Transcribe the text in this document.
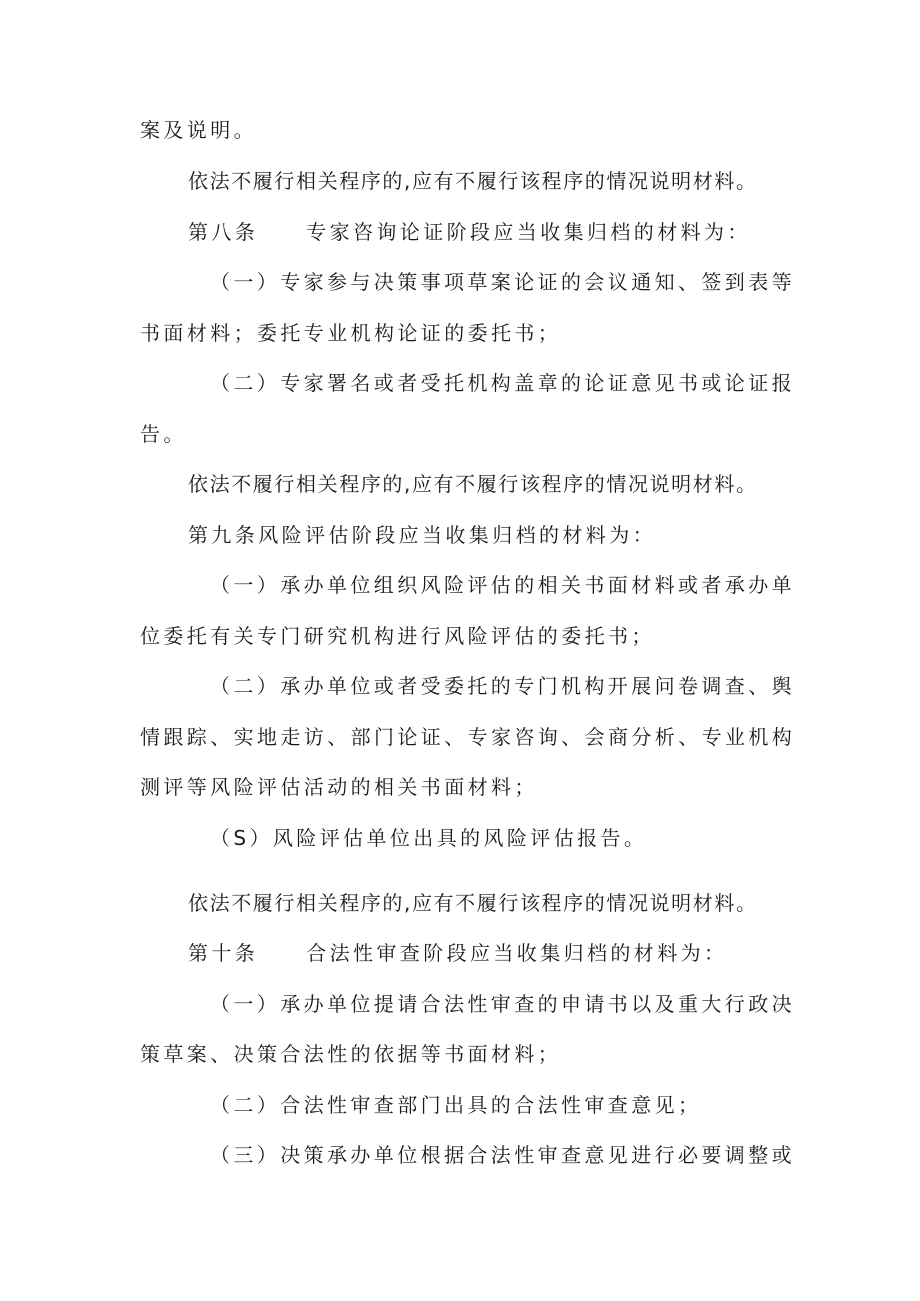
案及说明。
依法不履行相关程序的,应有不履行该程序的情况说明材料。
第八条 专家咨询论证阶段应当收集归档的材料为：
（一）专家参与决策事项草案论证的会议通知、签到表等
书面材料；委托专业机构论证的委托书；
（二）专家署名或者受托机构盖章的论证意见书或论证报
告。
依法不履行相关程序的,应有不履行该程序的情况说明材料。
第九条风险评估阶段应当收集归档的材料为：
（一）承办单位组织风险评估的相关书面材料或者承办单
位委托有关专门研究机构进行风险评估的委托书；
（二）承办单位或者受委托的专门机构开展问卷调查、舆
情跟踪、实地走访、部门论证、专家咨询、会商分析、专业机构
测评等风险评估活动的相关书面材料；
（S）风险评估单位出具的风险评估报告。
依法不履行相关程序的,应有不履行该程序的情况说明材料。
第十条 合法性审查阶段应当收集归档的材料为：
（一）承办单位提请合法性审查的申请书以及重大行政决
策草案、决策合法性的依据等书面材料；
（二）合法性审查部门出具的合法性审查意见；
（三）决策承办单位根据合法性审查意见进行必要调整或
